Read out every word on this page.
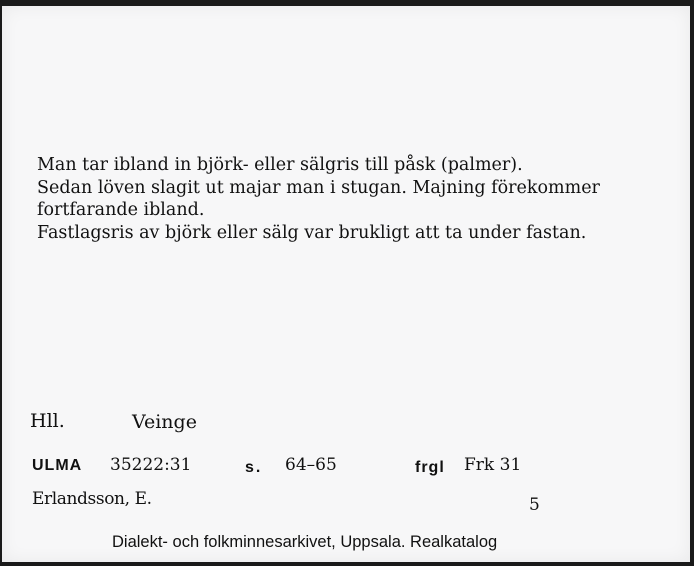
Man tar ibland in björk- eller sälgris till påsk (palmer).
Sedan löven slagit ut majar man i stugan. Majning förekommer
fortfarande ibland.
Fastlagsris av björk eller sälg var brukligt att ta under fastan.
Hll.	Veinge
ULMA 35222:31	s. 64–65	frgl Frk 31
Erlandsson, E.	5
Dialekt- och folkminnesarkivet, Uppsala. Realkatalog
